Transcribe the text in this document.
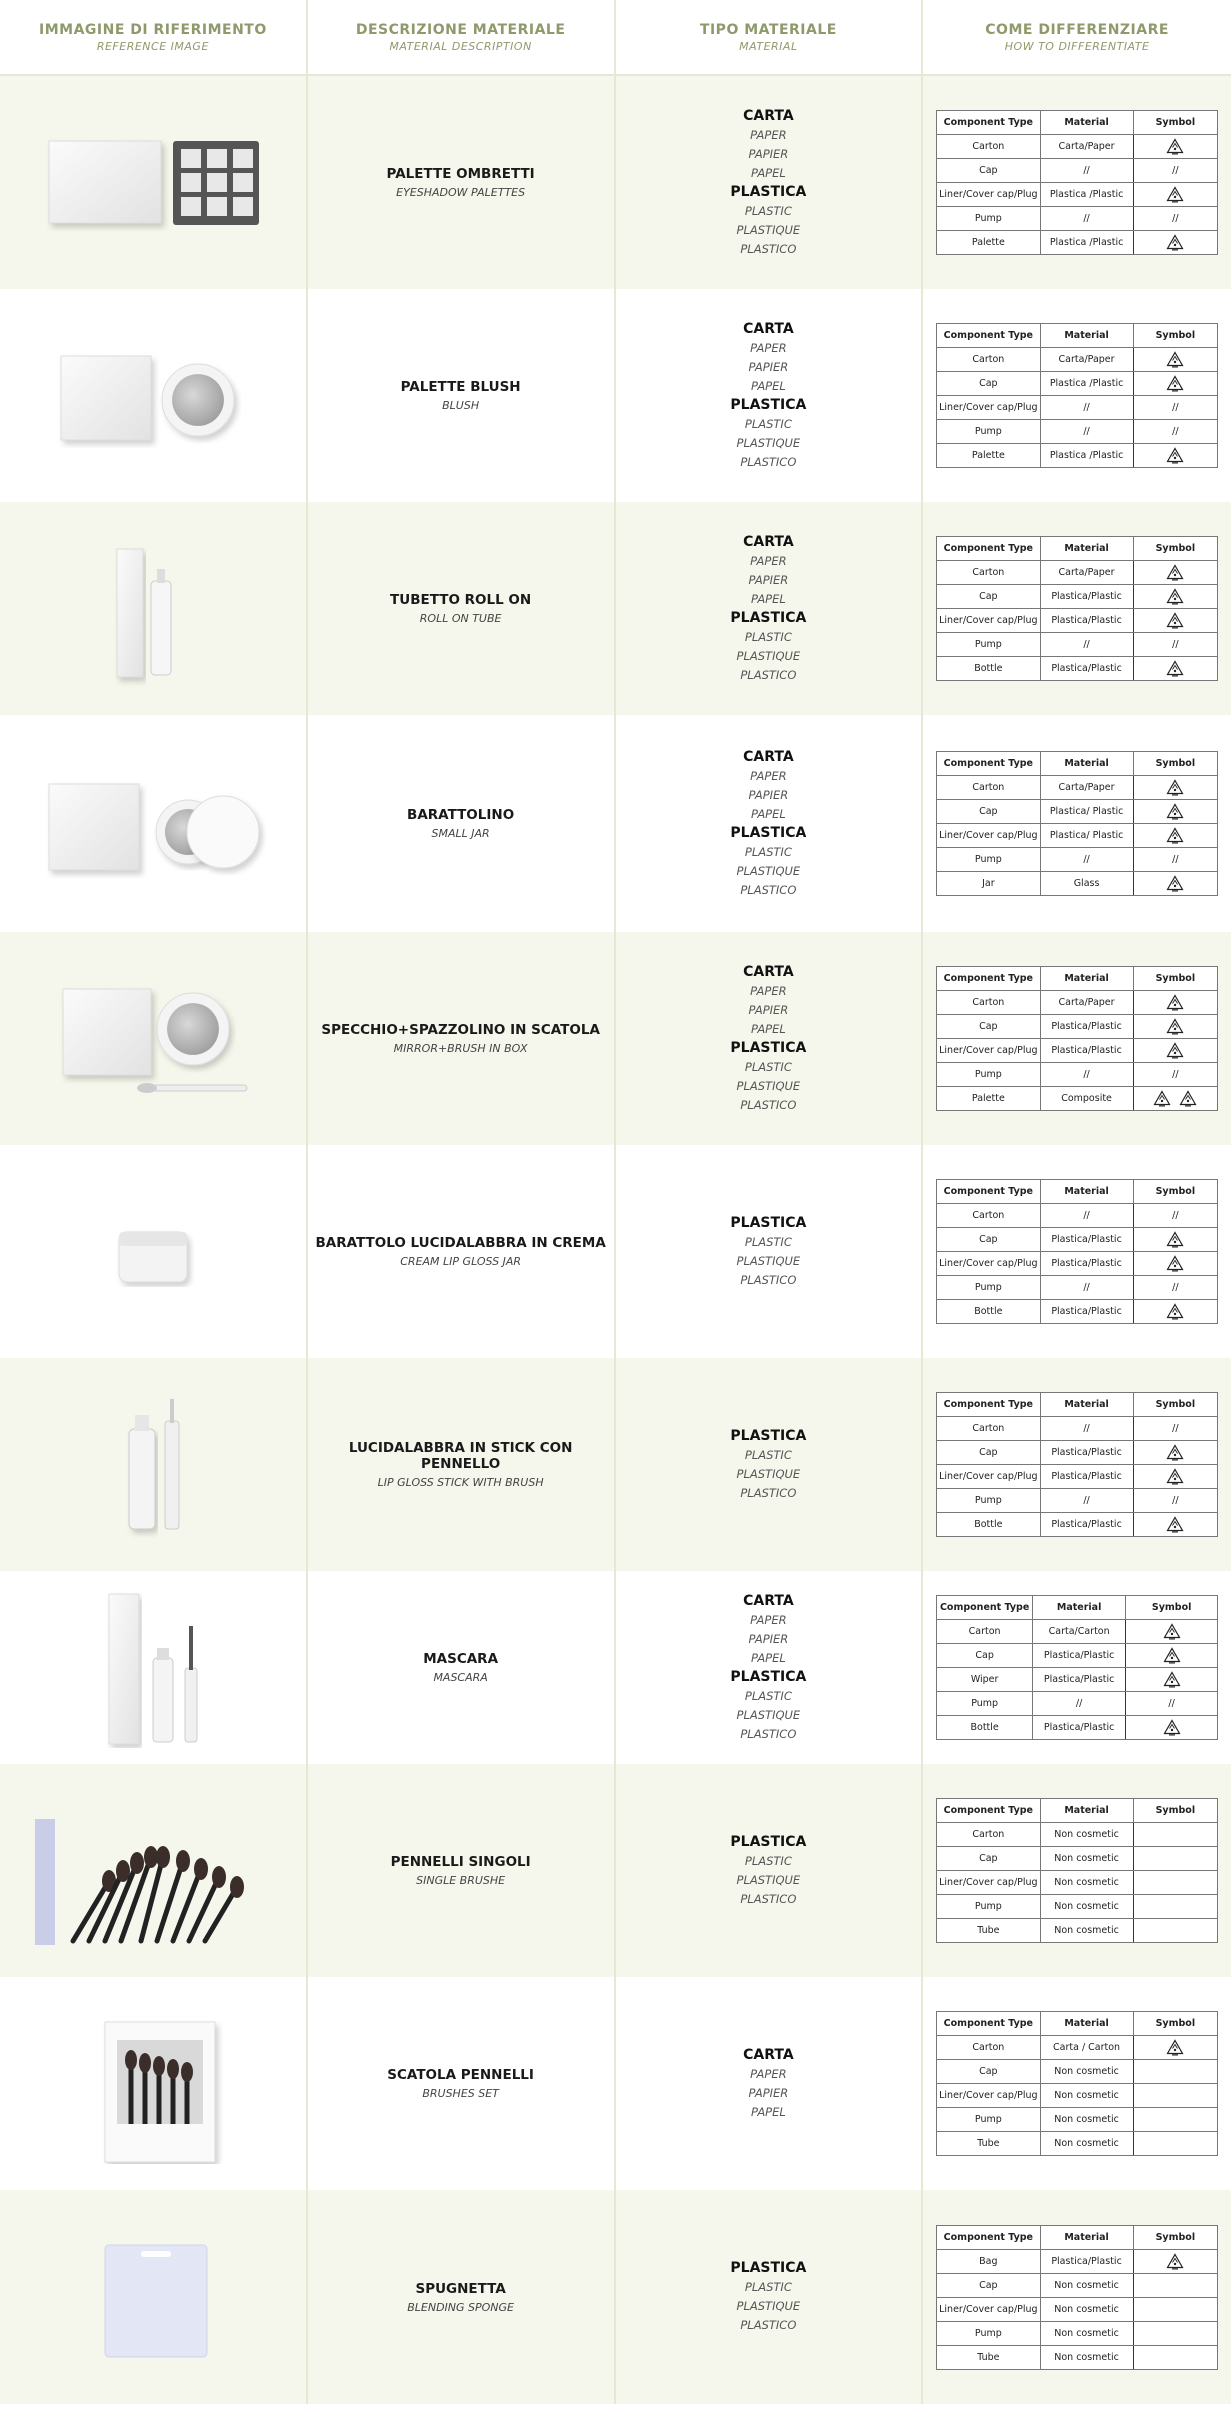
IMMAGINE DI RIFERIMENTO
REFERENCE IMAGE
DESCRIZIONE MATERIALE
MATERIAL DESCRIPTION
TIPO MATERIALE
MATERIAL
COME DIFFERENZIARE
HOW TO DIFFERENTIATE
PALETTE OMBRETTI
EYESHADOW PALETTES
CARTA
PAPER
PAPIER
PAPEL
PLASTICA
PLASTIC
PLASTIQUE
PLASTICO
Component Type	Material	Symbol
Carton	Carta/Paper	
Cap	//	//
Liner/Cover cap/Plug	Plastica /Plastic	
Pump	//	//
Palette	Plastica /Plastic	
PALETTE BLUSH
BLUSH
CARTA
PAPER
PAPIER
PAPEL
PLASTICA
PLASTIC
PLASTIQUE
PLASTICO
Component Type	Material	Symbol
Carton	Carta/Paper	
Cap	Plastica /Plastic	
Liner/Cover cap/Plug	//	//
Pump	//	//
Palette	Plastica /Plastic	
TUBETTO ROLL ON
ROLL ON TUBE
CARTA
PAPER
PAPIER
PAPEL
PLASTICA
PLASTIC
PLASTIQUE
PLASTICO
Component Type	Material	Symbol
Carton	Carta/Paper	
Cap	Plastica/Plastic	
Liner/Cover cap/Plug	Plastica/Plastic	
Pump	//	//
Bottle	Plastica/Plastic	
BARATTOLINO
SMALL JAR
CARTA
PAPER
PAPIER
PAPEL
PLASTICA
PLASTIC
PLASTIQUE
PLASTICO
Component Type	Material	Symbol
Carton	Carta/Paper	
Cap	Plastica/ Plastic	
Liner/Cover cap/Plug	Plastica/ Plastic	
Pump	//	//
Jar	Glass	
SPECCHIO+SPAZZOLINO IN SCATOLA
MIRROR+BRUSH IN BOX
CARTA
PAPER
PAPIER
PAPEL
PLASTICA
PLASTIC
PLASTIQUE
PLASTICO
Component Type	Material	Symbol
Carton	Carta/Paper	
Cap	Plastica/Plastic	
Liner/Cover cap/Plug	Plastica/Plastic	
Pump	//	//
Palette	Composite	
BARATTOLO LUCIDALABBRA IN CREMA
CREAM LIP GLOSS JAR
PLASTICA
PLASTIC
PLASTIQUE
PLASTICO
Component Type	Material	Symbol
Carton	//	//
Cap	Plastica/Plastic	
Liner/Cover cap/Plug	Plastica/Plastic	
Pump	//	//
Bottle	Plastica/Plastic	
LUCIDALABBRA IN STICK CON PENNELLO
LIP GLOSS STICK WITH BRUSH
PLASTICA
PLASTIC
PLASTIQUE
PLASTICO
Component Type	Material	Symbol
Carton	//	//
Cap	Plastica/Plastic	
Liner/Cover cap/Plug	Plastica/Plastic	
Pump	//	//
Bottle	Plastica/Plastic	
MASCARA
MASCARA
CARTA
PAPER
PAPIER
PAPEL
PLASTICA
PLASTIC
PLASTIQUE
PLASTICO
Component Type	Material	Symbol
Carton	Carta/Carton	
Cap	Plastica/Plastic	
Wiper	Plastica/Plastic	
Pump	//	//
Bottle	Plastica/Plastic	
PENNELLI SINGOLI
SINGLE BRUSHE
PLASTICA
PLASTIC
PLASTIQUE
PLASTICO
Component Type	Material	Symbol
Carton	Non cosmetic	
Cap	Non cosmetic	
Liner/Cover cap/Plug	Non cosmetic	
Pump	Non cosmetic	
Tube	Non cosmetic	
SCATOLA PENNELLI
BRUSHES SET
CARTA
PAPER
PAPIER
PAPEL
Component Type	Material	Symbol
Carton	Carta / Carton	
Cap	Non cosmetic	
Liner/Cover cap/Plug	Non cosmetic	
Pump	Non cosmetic	
Tube	Non cosmetic	
SPUGNETTA
BLENDING SPONGE
PLASTICA
PLASTIC
PLASTIQUE
PLASTICO
Component Type	Material	Symbol
Bag	Plastica/Plastic	
Cap	Non cosmetic	
Liner/Cover cap/Plug	Non cosmetic	
Pump	Non cosmetic	
Tube	Non cosmetic	
